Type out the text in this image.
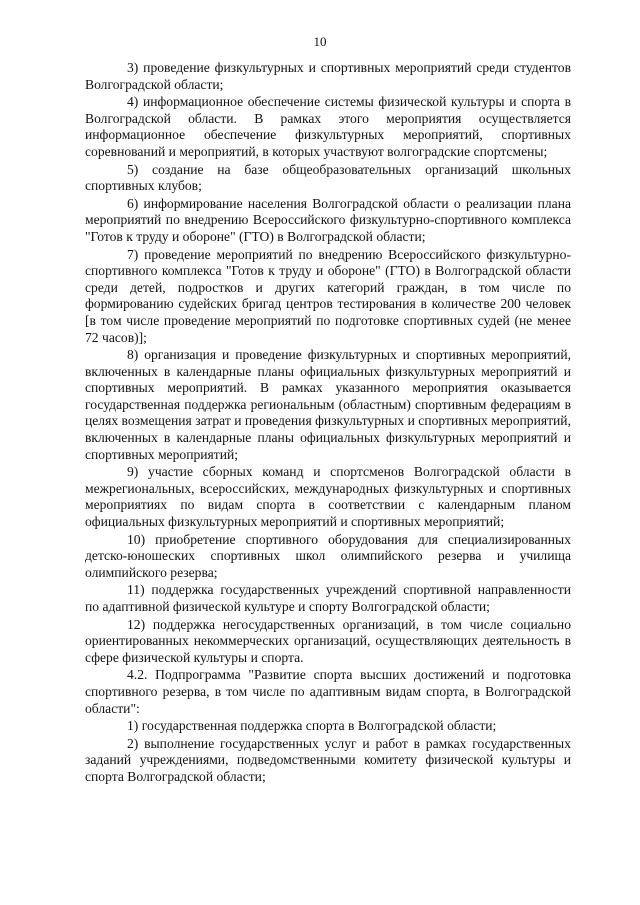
10

3) проведение физкультурных и спортивных мероприятий среди студентов Волгоградской области;

4) информационное обеспечение системы физической культуры и спорта в Волгоградской области. В рамках этого мероприятия осуществляется информационное обеспечение физкультурных мероприятий, спортивных соревнований и мероприятий, в которых участвуют волгоградские спортсмены;

5) создание на базе общеобразовательных организаций школьных спортивных клубов;

6) информирование населения Волгоградской области о реализации плана мероприятий по внедрению Всероссийского физкультурно-спортивного комплекса "Готов к труду и обороне" (ГТО) в Волгоградской области;

7) проведение мероприятий по внедрению Всероссийского физкультурно-спортивного комплекса "Готов к труду и обороне" (ГТО) в Волгоградской области среди детей, подростков и других категорий граждан, в том числе по формированию судейских бригад центров тестирования в количестве 200 человек [в том числе проведение мероприятий по подготовке спортивных судей (не менее 72 часов)];

8) организация и проведение физкультурных и спортивных мероприятий, включенных в календарные планы официальных физкультурных мероприятий и спортивных мероприятий. В рамках указанного мероприятия оказывается государственная поддержка региональным (областным) спортивным федерациям в целях возмещения затрат и проведения физкультурных и спортивных мероприятий, включенных в календарные планы официальных физкультурных мероприятий и спортивных мероприятий;

9) участие сборных команд и спортсменов Волгоградской области в межрегиональных, всероссийских, международных физкультурных и спортивных мероприятиях по видам спорта в соответствии с календарным планом официальных физкультурных мероприятий и спортивных мероприятий;

10) приобретение спортивного оборудования для специализированных детско-юношеских спортивных школ олимпийского резерва и училища олимпийского резерва;

11) поддержка государственных учреждений спортивной направленности по адаптивной физической культуре и спорту Волгоградской области;

12) поддержка негосударственных организаций, в том числе социально ориентированных некоммерческих организаций, осуществляющих деятельность в сфере физической культуры и спорта.

4.2. Подпрограмма "Развитие спорта высших достижений и подготовка спортивного резерва, в том числе по адаптивным видам спорта, в Волгоградской области":

1) государственная поддержка спорта в Волгоградской области;

2) выполнение государственных услуг и работ в рамках государственных заданий учреждениями, подведомственными комитету физической культуры и спорта Волгоградской области;
